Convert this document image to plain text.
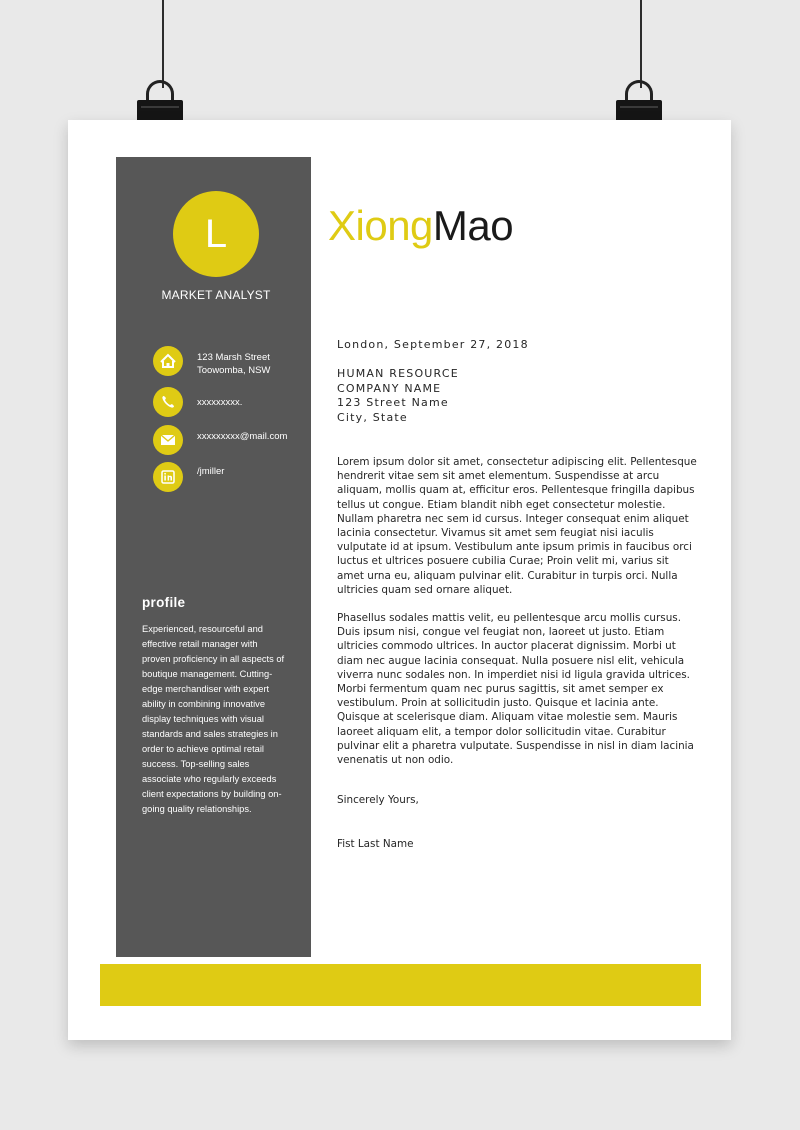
L
MARKET ANALYST
123 Marsh Street
Toowomba, NSW
xxxxxxxxx.
xxxxxxxxx@mail.com
/jmiller
profile
Experienced, resourceful and effective retail manager with proven proficiency in all aspects of boutique management. Cutting-edge merchandiser with expert ability in combining innovative display techniques with visual standards and sales strategies in order to achieve optimal retail success. Top-selling sales associate who regularly exceeds client expectations by building on-going quality relationships.
XiongMao
London, September 27, 2018
HUMAN RESOURCE
COMPANY NAME
123 Street Name
City, State
Lorem ipsum dolor sit amet, consectetur adipiscing elit. Pellentesque hendrerit vitae sem sit amet elementum. Suspendisse at arcu aliquam, mollis quam at, efficitur eros. Pellentesque fringilla dapibus tellus ut congue. Etiam blandit nibh eget consectetur molestie. Nullam pharetra nec sem id cursus. Integer consequat enim aliquet lacinia consectetur. Vivamus sit amet sem feugiat nisi iaculis vulputate id at ipsum. Vestibulum ante ipsum primis in faucibus orci luctus et ultrices posuere cubilia Curae; Proin velit mi, varius sit amet urna eu, aliquam pulvinar elit. Curabitur in turpis orci. Nulla ultricies quam sed ornare aliquet.
Phasellus sodales mattis velit, eu pellentesque arcu mollis cursus. Duis ipsum nisi, congue vel feugiat non, laoreet ut justo. Etiam ultricies commodo ultrices. In auctor placerat dignissim. Morbi ut diam nec augue lacinia consequat. Nulla posuere nisl elit, vehicula viverra nunc sodales non. In imperdiet nisi id ligula gravida ultrices. Morbi fermentum quam nec purus sagittis, sit amet semper ex vestibulum. Proin at sollicitudin justo. Quisque et lacinia ante. Quisque at scelerisque diam. Aliquam vitae molestie sem. Mauris laoreet aliquam elit, a tempor dolor sollicitudin vitae. Curabitur pulvinar elit a pharetra vulputate. Suspendisse in nisl in diam lacinia venenatis ut non odio.
Sincerely Yours,
Fist Last Name
